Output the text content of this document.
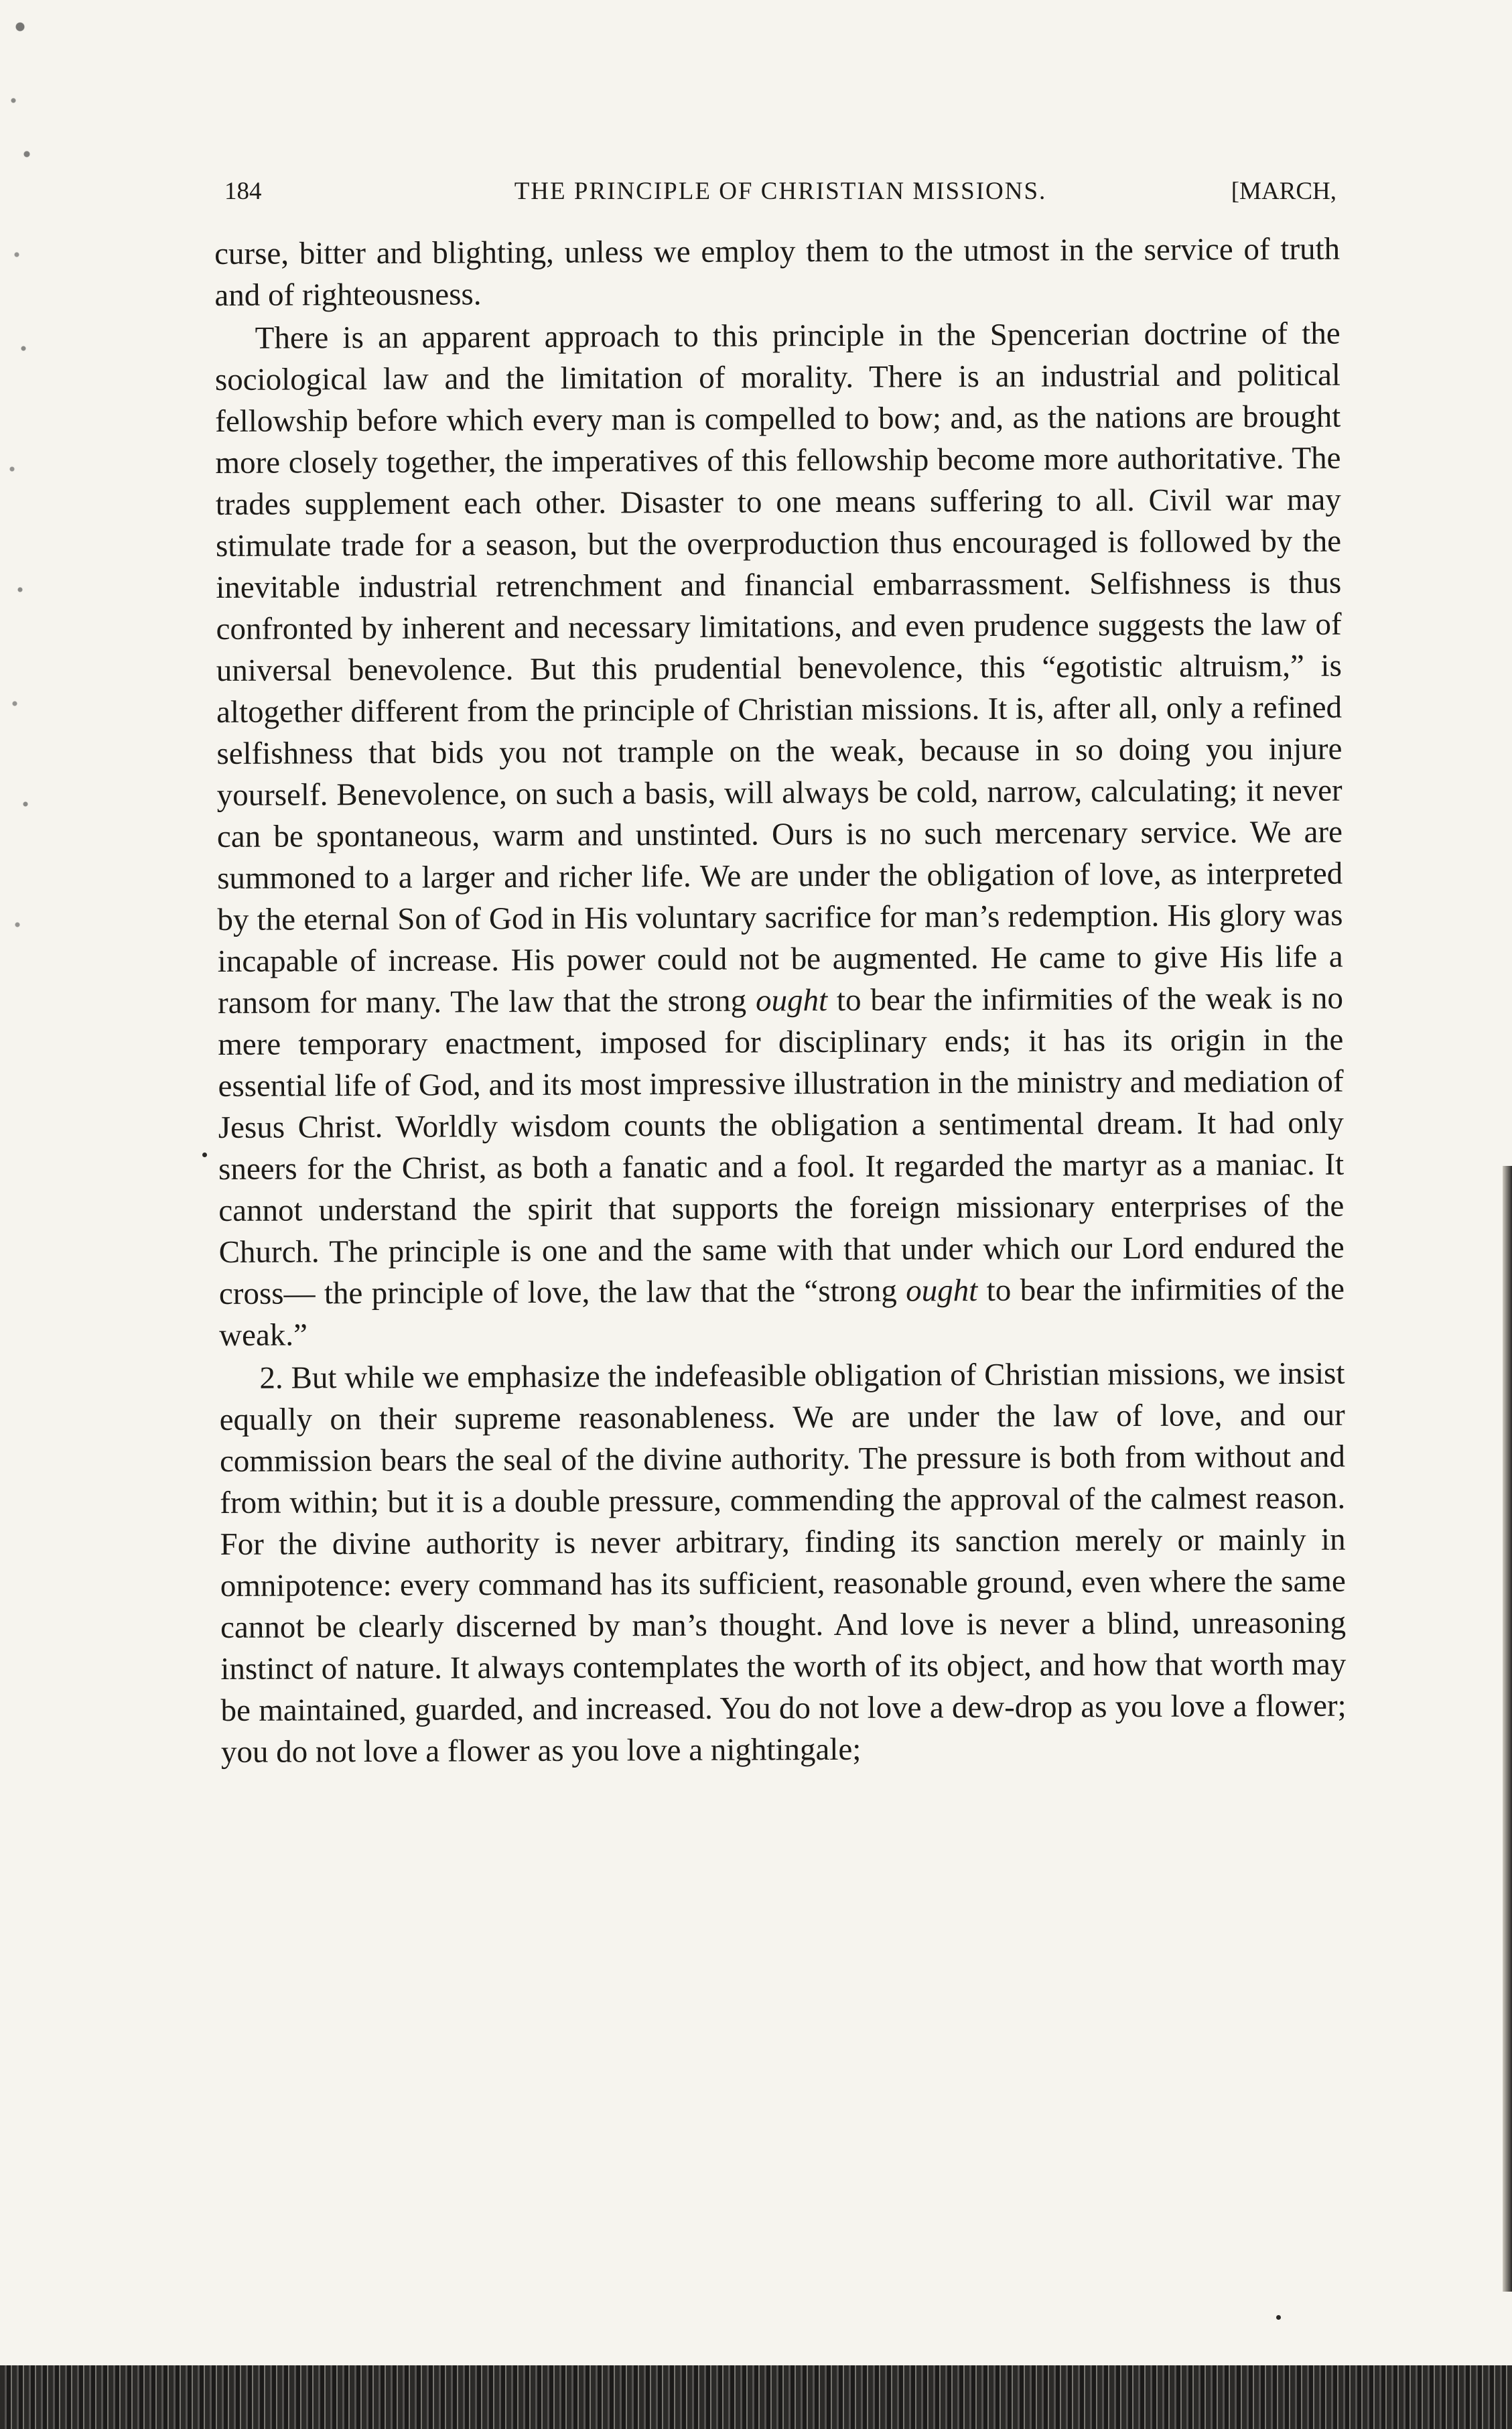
184	THE PRINCIPLE OF CHRISTIAN MISSIONS.	[MARCH,

curse, bitter and blighting, unless we employ them to the utmost in the service of truth and of righteousness.

There is an apparent approach to this principle in the Spencerian doctrine of the sociological law and the limitation of morality. There is an industrial and political fellowship before which every man is compelled to bow; and, as the nations are brought more closely together, the imperatives of this fellowship become more authoritative. The trades supplement each other. Disaster to one means suffering to all. Civil war may stimulate trade for a season, but the overproduction thus encouraged is followed by the inevitable industrial retrenchment and financial embarrassment. Selfishness is thus confronted by inherent and necessary limitations, and even prudence suggests the law of universal benevolence. But this prudential benevolence, this “egotistic altruism,” is altogether different from the principle of Christian missions. It is, after all, only a refined selfishness that bids you not trample on the weak, because in so doing you injure yourself. Benevolence, on such a basis, will always be cold, narrow, calculating; it never can be spontaneous, warm and unstinted. Ours is no such mercenary service. We are summoned to a larger and richer life. We are under the obligation of love, as interpreted by the eternal Son of God in His voluntary sacrifice for man’s redemption. His glory was incapable of increase. His power could not be augmented. He came to give His life a ransom for many. The law that the strong ought to bear the infirmities of the weak is no mere temporary enactment, imposed for disciplinary ends; it has its origin in the essential life of God, and its most impressive illustration in the ministry and mediation of Jesus Christ. Worldly wisdom counts the obligation a sentimental dream. It had only sneers for the Christ, as both a fanatic and a fool. It regarded the martyr as a maniac. It cannot understand the spirit that supports the foreign missionary enterprises of the Church. The principle is one and the same with that under which our Lord endured the cross— the principle of love, the law that the “strong ought to bear the infirmities of the weak.”

2. But while we emphasize the indefeasible obligation of Christian missions, we insist equally on their supreme reasonableness. We are under the law of love, and our commission bears the seal of the divine authority. The pressure is both from without and from within; but it is a double pressure, commending the approval of the calmest reason. For the divine authority is never arbitrary, finding its sanction merely or mainly in omnipotence: every command has its sufficient, reasonable ground, even where the same cannot be clearly discerned by man’s thought. And love is never a blind, unreasoning instinct of nature. It always contemplates the worth of its object, and how that worth may be maintained, guarded, and increased. You do not love a dew-drop as you love a flower; you do not love a flower as you love a nightingale;
